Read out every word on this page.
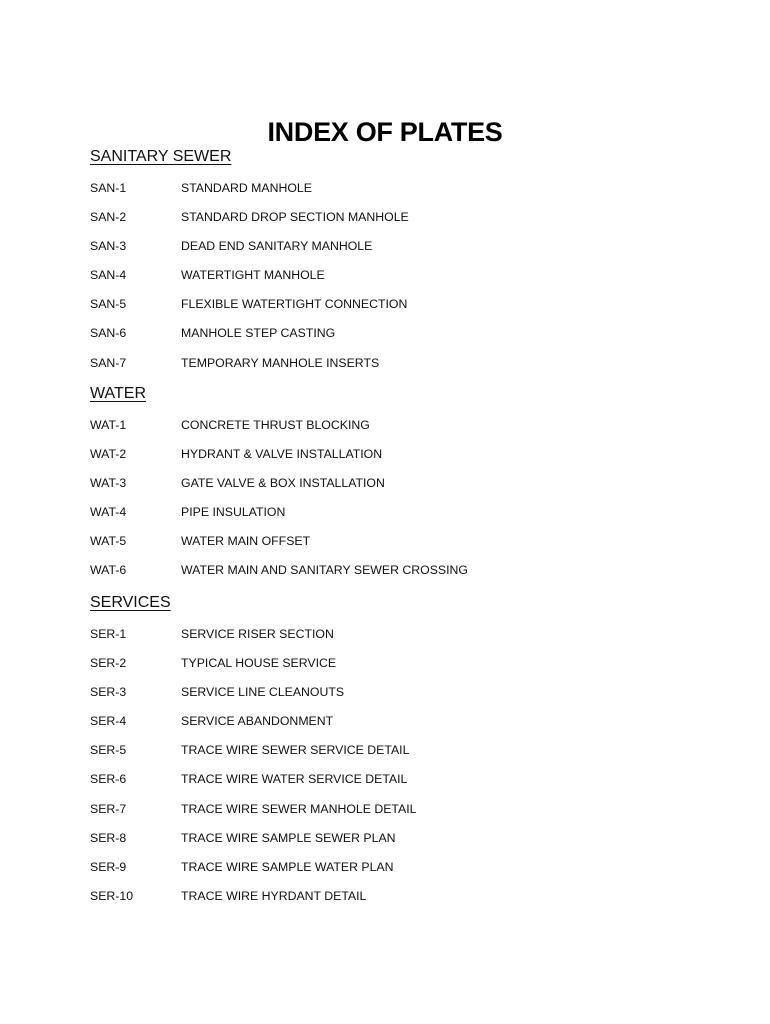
INDEX OF PLATES
SANITARY SEWER
SAN-1	STANDARD MANHOLE
SAN-2	STANDARD DROP SECTION MANHOLE
SAN-3	DEAD END SANITARY MANHOLE
SAN-4	WATERTIGHT MANHOLE
SAN-5	FLEXIBLE WATERTIGHT CONNECTION
SAN-6	MANHOLE STEP CASTING
SAN-7	TEMPORARY MANHOLE INSERTS
WATER
WAT-1	CONCRETE THRUST BLOCKING
WAT-2	HYDRANT & VALVE INSTALLATION
WAT-3	GATE VALVE & BOX INSTALLATION
WAT-4	PIPE INSULATION
WAT-5	WATER MAIN OFFSET
WAT-6	WATER MAIN AND SANITARY SEWER CROSSING
SERVICES
SER-1	SERVICE RISER SECTION
SER-2	TYPICAL HOUSE SERVICE
SER-3	SERVICE LINE CLEANOUTS
SER-4	SERVICE ABANDONMENT
SER-5	TRACE WIRE SEWER SERVICE DETAIL
SER-6	TRACE WIRE WATER SERVICE DETAIL
SER-7	TRACE WIRE SEWER MANHOLE DETAIL
SER-8	TRACE WIRE SAMPLE SEWER PLAN
SER-9	TRACE WIRE SAMPLE WATER PLAN
SER-10	TRACE WIRE HYRDANT DETAIL
